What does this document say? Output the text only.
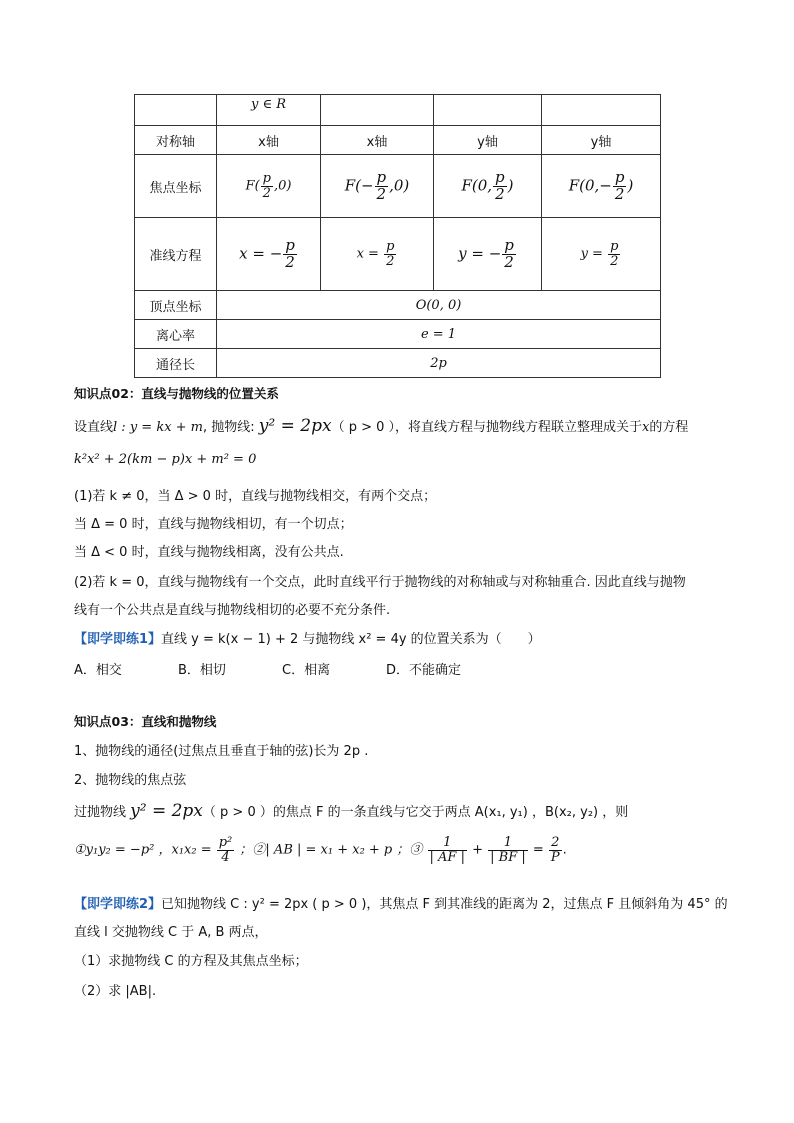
	y ∈ R			
对称轴	x轴	x轴	y轴	y轴
焦点坐标	$F( \frac{p}{2} ,0)$	$F(- \frac{p}{2} ,0)$	F(0, $\frac{p}{2}$ )	$F(0,- \frac{p}{2}$ )
准线方程	x = − $\frac{p}{2}$	$x = \frac{p}{2}$	y = − $\frac{p}{2}$	$y = \frac{p}{2}$

顶点坐标	O(0, 0)			
离心率	e = 1			
通径长	2p			
知识点02：直线与抛物线的位置关系
设直线l : y = kx + m, 抛物线: y² = 2px（ p > 0 ），将直线方程与抛物线方程联立整理成关于x的方程
k²x² + 2(km − p)x + m² = 0
(1)若 k ≠ 0，当 Δ > 0 时，直线与抛物线相交，有两个交点；
当 Δ = 0 时，直线与抛物线相切，有一个切点；
当 Δ < 0 时，直线与抛物线相离，没有公共点.
(2)若 k = 0，直线与抛物线有一个交点，此时直线平行于抛物线的对称轴或与对称轴重合. 因此直线与抛物
线有一个公共点是直线与抛物线相切的必要不充分条件.
【即学即练1】直线 y = k(x − 1) + 2 与抛物线 x² = 4y 的位置关系为（　　）
A．相交	B．相切	C．相离	D．不能确定
知识点03：直线和抛物线
1、抛物线的通径(过焦点且垂直于轴的弦)长为 2p .
2、抛物线的焦点弦
过抛物线 y² = 2px（ p > 0 ）的焦点 F 的一条直线与它交于两点 A(x₁, y₁) ，B(x₂, y₂) ，则
①y₁y₂ = −p² ，$x_1x_2 = \frac{\text{p²}}{4}$ ；②| AB | = x₁ + x₂ + p ；③ $\frac{1}{| AF |} + \frac{1}{| BF |} = \frac{2}{P}$ .
【即学即练2】已知抛物线 C : y² = 2px ( p > 0 )，其焦点 F 到其准线的距离为 2，过焦点 F 且倾斜角为 45° 的
直线 l 交抛物线 C 于 A, B 两点，
（1）求抛物线 C 的方程及其焦点坐标；
（2）求 |AB|.
